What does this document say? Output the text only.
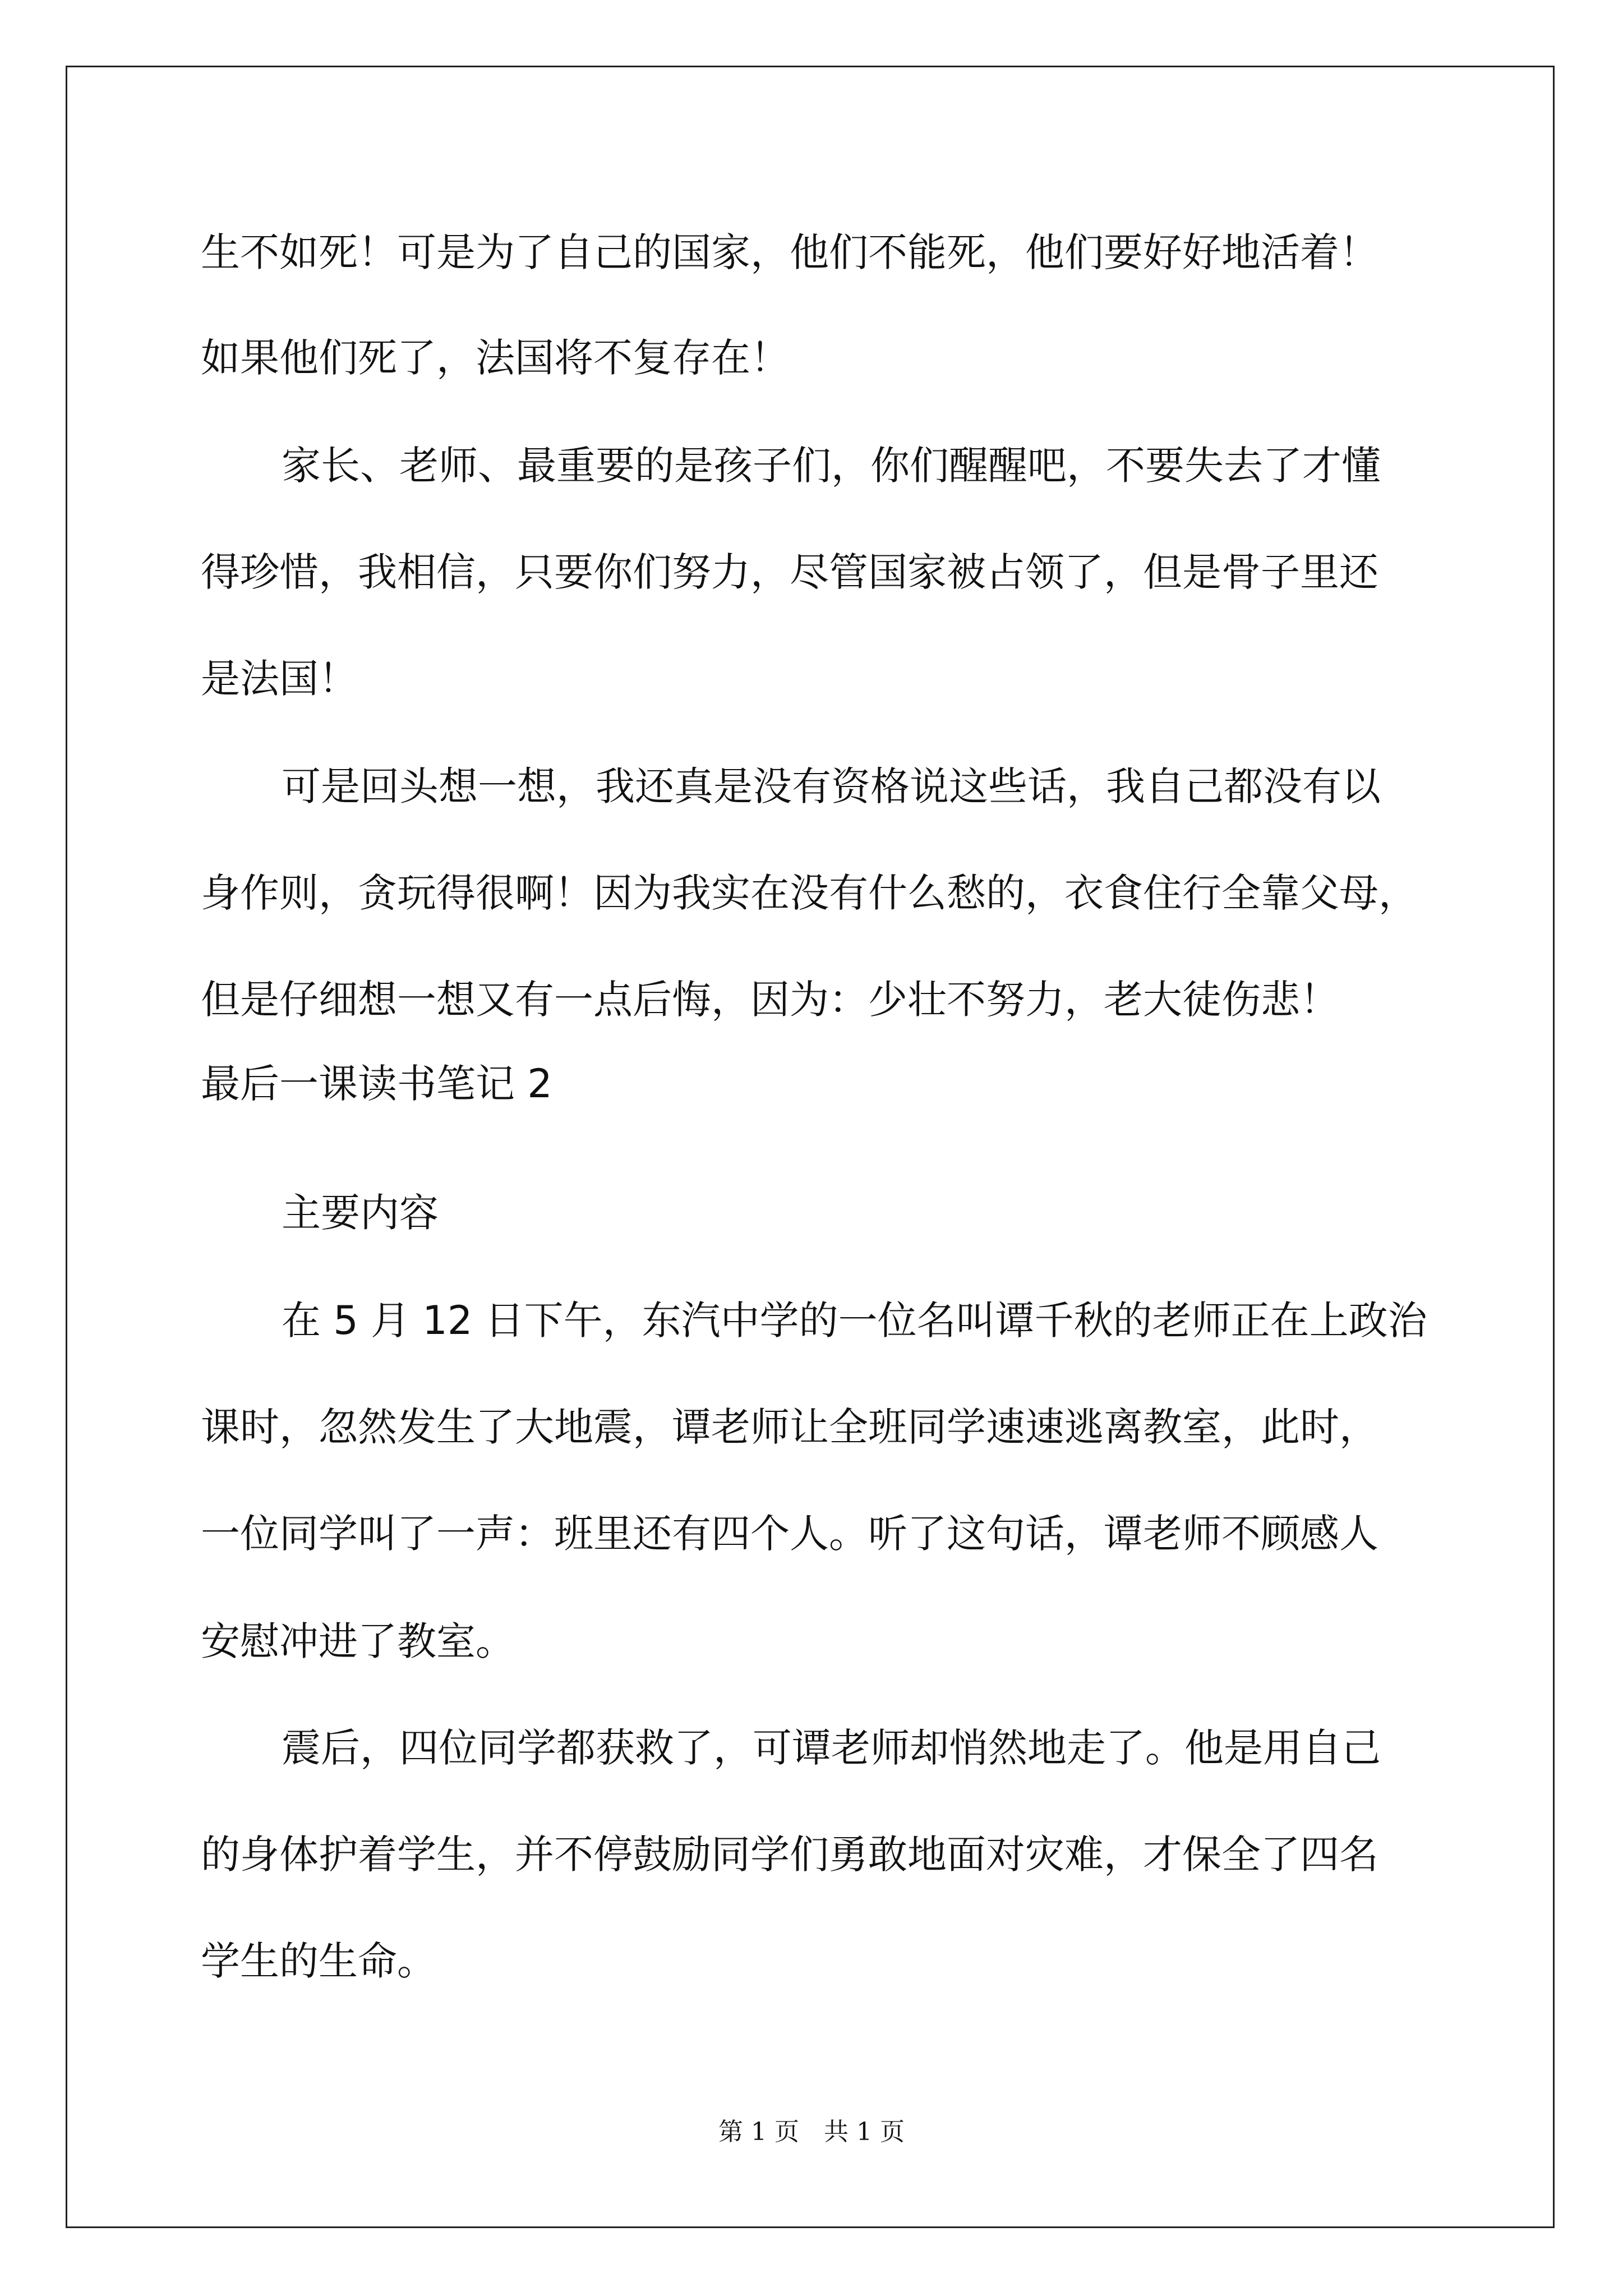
生不如死！可是为了自己的国家，他们不能死，他们要好好地活着！
如果他们死了，法国将不复存在！
家长、老师、最重要的是孩子们，你们醒醒吧，不要失去了才懂
得珍惜，我相信，只要你们努力，尽管国家被占领了，但是骨子里还
是法国！
可是回头想一想，我还真是没有资格说这些话，我自己都没有以
身作则，贪玩得很啊！因为我实在没有什么愁的，衣食住行全靠父母，
但是仔细想一想又有一点后悔，因为：少壮不努力，老大徒伤悲！
最后一课读书笔记 2
主要内容
在 5 月 12 日下午，东汽中学的一位名叫谭千秋的老师正在上政治
课时，忽然发生了大地震，谭老师让全班同学速速逃离教室，此时，
一位同学叫了一声：班里还有四个人。听了这句话，谭老师不顾感人
安慰冲进了教室。
震后，四位同学都获救了，可谭老师却悄然地走了。他是用自己
的身体护着学生，并不停鼓励同学们勇敢地面对灾难，才保全了四名
学生的生命。
第 1 页　共 1 页
